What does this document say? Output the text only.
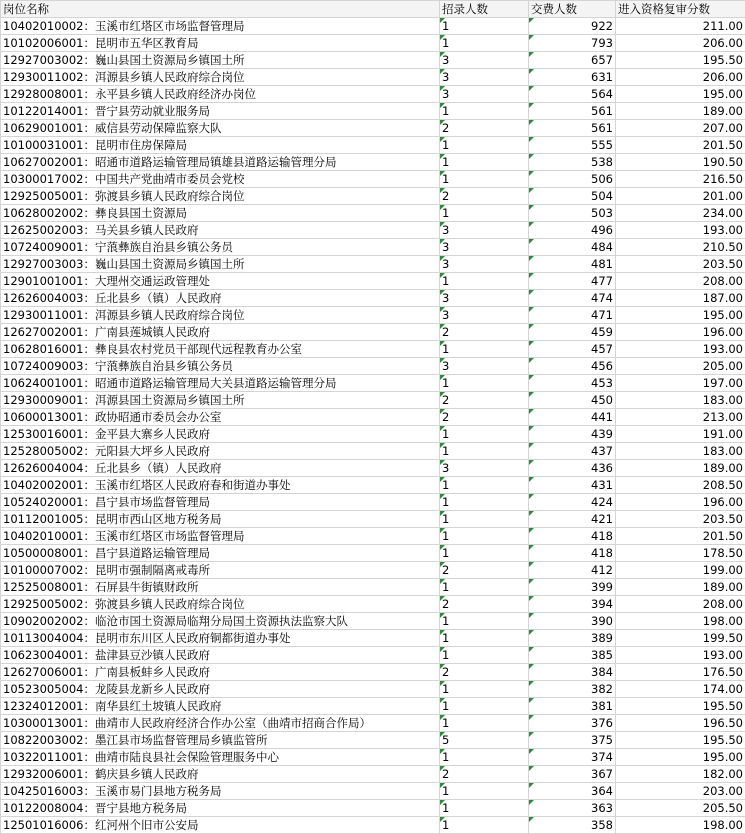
岗位名称	招录人数	交费人数	进入资格复审分数
10402010002：玉溪市红塔区市场监督管理局	1	922	211.00
10102006001：昆明市五华区教育局	1	793	206.00
12927003002：巍山县国土资源局乡镇国土所	3	657	195.50
12930011002：洱源县乡镇人民政府综合岗位	3	631	206.00
12928008001：永平县乡镇人民政府经济办岗位	3	564	195.00
10122014001：晋宁县劳动就业服务局	1	561	189.00
10629001001：威信县劳动保障监察大队	2	561	207.00
10100031001：昆明市住房保障局	1	555	201.50
10627002001：昭通市道路运输管理局镇雄县道路运输管理分局	1	538	190.50
10300017002：中国共产党曲靖市委员会党校	1	506	216.50
12925005001：弥渡县乡镇人民政府综合岗位	2	504	201.00
10628002002：彝良县国土资源局	1	503	234.00
12625002003：马关县乡镇人民政府	3	496	193.00
10724009001：宁蒗彝族自治县乡镇公务员	3	484	210.50
12927003003：巍山县国土资源局乡镇国土所	3	481	203.50
12901001001：大理州交通运政管理处	1	477	208.00
12626004003：丘北县乡（镇）人民政府	3	474	187.00
12930011001：洱源县乡镇人民政府综合岗位	3	471	195.00
12627002001：广南县莲城镇人民政府	2	459	196.00
10628016001：彝良县农村党员干部现代远程教育办公室	1	457	193.00
10724009003：宁蒗彝族自治县乡镇公务员	3	456	205.00
10624001001：昭通市道路运输管理局大关县道路运输管理分局	1	453	197.00
12930009001：洱源县国土资源局乡镇国土所	2	450	183.00
10600013001：政协昭通市委员会办公室	2	441	213.00
12530016001：金平县大寨乡人民政府	1	439	191.00
12528005002：元阳县大坪乡人民政府	1	437	183.00
12626004004：丘北县乡（镇）人民政府	3	436	189.00
10402002001：玉溪市红塔区人民政府春和街道办事处	1	431	208.50
10524020001：昌宁县市场监督管理局	1	424	196.00
10112001005：昆明市西山区地方税务局	1	421	203.50
10402010001：玉溪市红塔区市场监督管理局	1	418	201.50
10500008001：昌宁县道路运输管理局	1	418	178.50
10100007002：昆明市强制隔离戒毒所	2	412	199.00
12525008001：石屏县牛街镇财政所	1	399	189.00
12925005002：弥渡县乡镇人民政府综合岗位	2	394	208.00
10902002002：临沧市国土资源局临翔分局国土资源执法监察大队	1	390	198.00
10113004004：昆明市东川区人民政府铜都街道办事处	1	389	199.50
10623004001：盐津县豆沙镇人民政府	1	385	193.00
12627006001：广南县板蚌乡人民政府	2	384	176.50
10523005004：龙陵县龙新乡人民政府	1	382	174.00
12324012001：南华县红土坡镇人民政府	1	381	195.50
10300013001：曲靖市人民政府经济合作办公室（曲靖市招商合作局）	1	376	196.50
10822003002：墨江县市场监督管理局乡镇监管所	5	375	195.50
10322011001：曲靖市陆良县社会保险管理服务中心	1	374	195.00
12932006001：鹤庆县乡镇人民政府	2	367	182.00
10425016003：玉溪市易门县地方税务局	1	364	203.00
10122008004：晋宁县地方税务局	1	363	205.50
12501016006：红河州个旧市公安局	1	358	198.00
